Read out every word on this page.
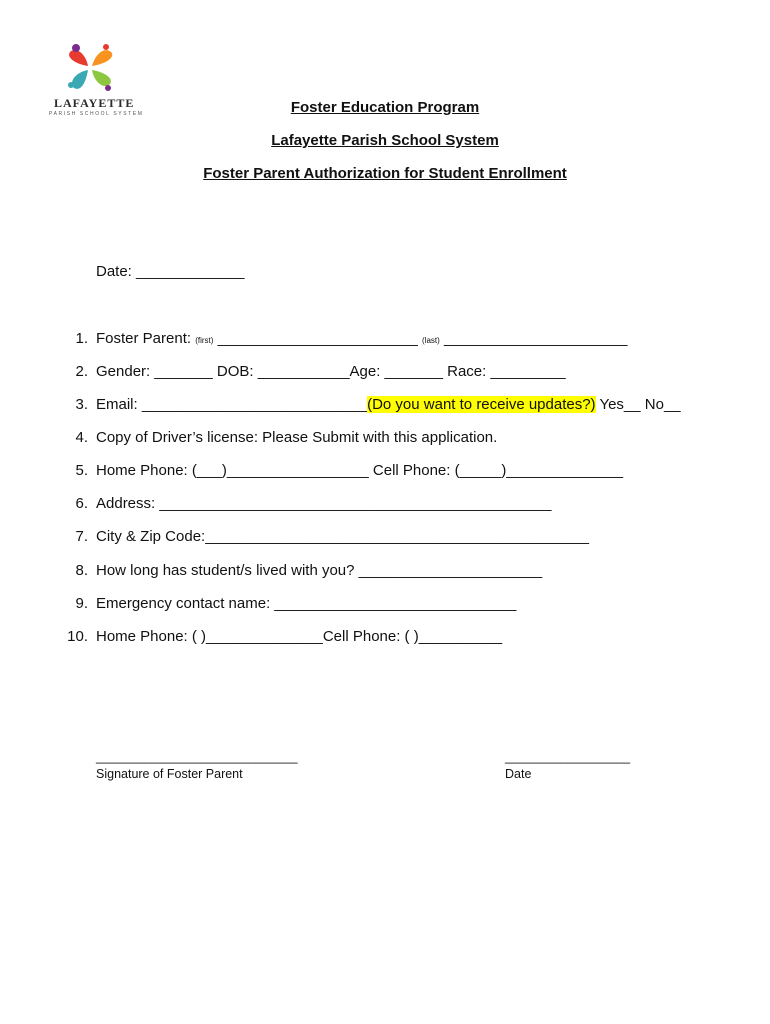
LAFAYETTE
PARISH SCHOOL SYSTEM	Foster Education Program
Lafayette Parish School System
Foster Parent Authorization for Student Enrollment
Date: _____________
1. Foster Parent: (first) ________________________ (last) ______________________
2. Gender: _______ DOB: ___________Age: _______ Race: _________
3. Email: ___________________________(Do you want to receive updates?) Yes__ No__
4. Copy of Driver’s license: Please Submit with this application.
5. Home Phone: (___)_________________ Cell Phone: (_____)______________
6. Address: _______________________________________________
7. City & Zip Code:______________________________________________
8. How long has student/s lived with you? ______________________
9. Emergency contact name: _____________________________
10. Home Phone: ( )______________Cell Phone: ( )__________
_____________________________
Signature of Foster Parent
__________________
Date
